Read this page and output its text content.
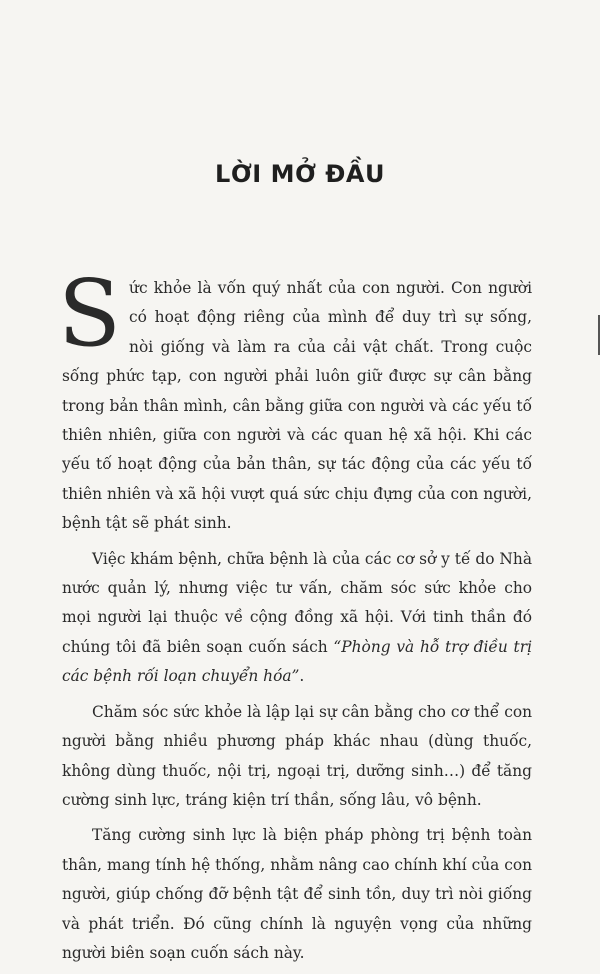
LỜI MỞ ĐẦU

Sức khỏe là vốn quý nhất của con người. Con người có hoạt động riêng của mình để duy trì sự sống, nòi giống và làm ra của cải vật chất. Trong cuộc sống phức tạp, con người phải luôn giữ được sự cân bằng trong bản thân mình, cân bằng giữa con người và các yếu tố thiên nhiên, giữa con người và các quan hệ xã hội. Khi các yếu tố hoạt động của bản thân, sự tác động của các yếu tố thiên nhiên và xã hội vượt quá sức chịu đựng của con người, bệnh tật sẽ phát sinh.

Việc khám bệnh, chữa bệnh là của các cơ sở y tế do Nhà nước quản lý, nhưng việc tư vấn, chăm sóc sức khỏe cho mọi người lại thuộc về cộng đồng xã hội. Với tinh thần đó chúng tôi đã biên soạn cuốn sách “Phòng và hỗ trợ điều trị các bệnh rối loạn chuyển hóa”.

Chăm sóc sức khỏe là lập lại sự cân bằng cho cơ thể con người bằng nhiều phương pháp khác nhau (dùng thuốc, không dùng thuốc, nội trị, ngoại trị, dưỡng sinh…) để tăng cường sinh lực, tráng kiện trí thần, sống lâu, vô bệnh.

Tăng cường sinh lực là biện pháp phòng trị bệnh toàn thân, mang tính hệ thống, nhằm nâng cao chính khí của con người, giúp chống đỡ bệnh tật để sinh tồn, duy trì nòi giống và phát triển. Đó cũng chính là nguyện vọng của những người biên soạn cuốn sách này.
